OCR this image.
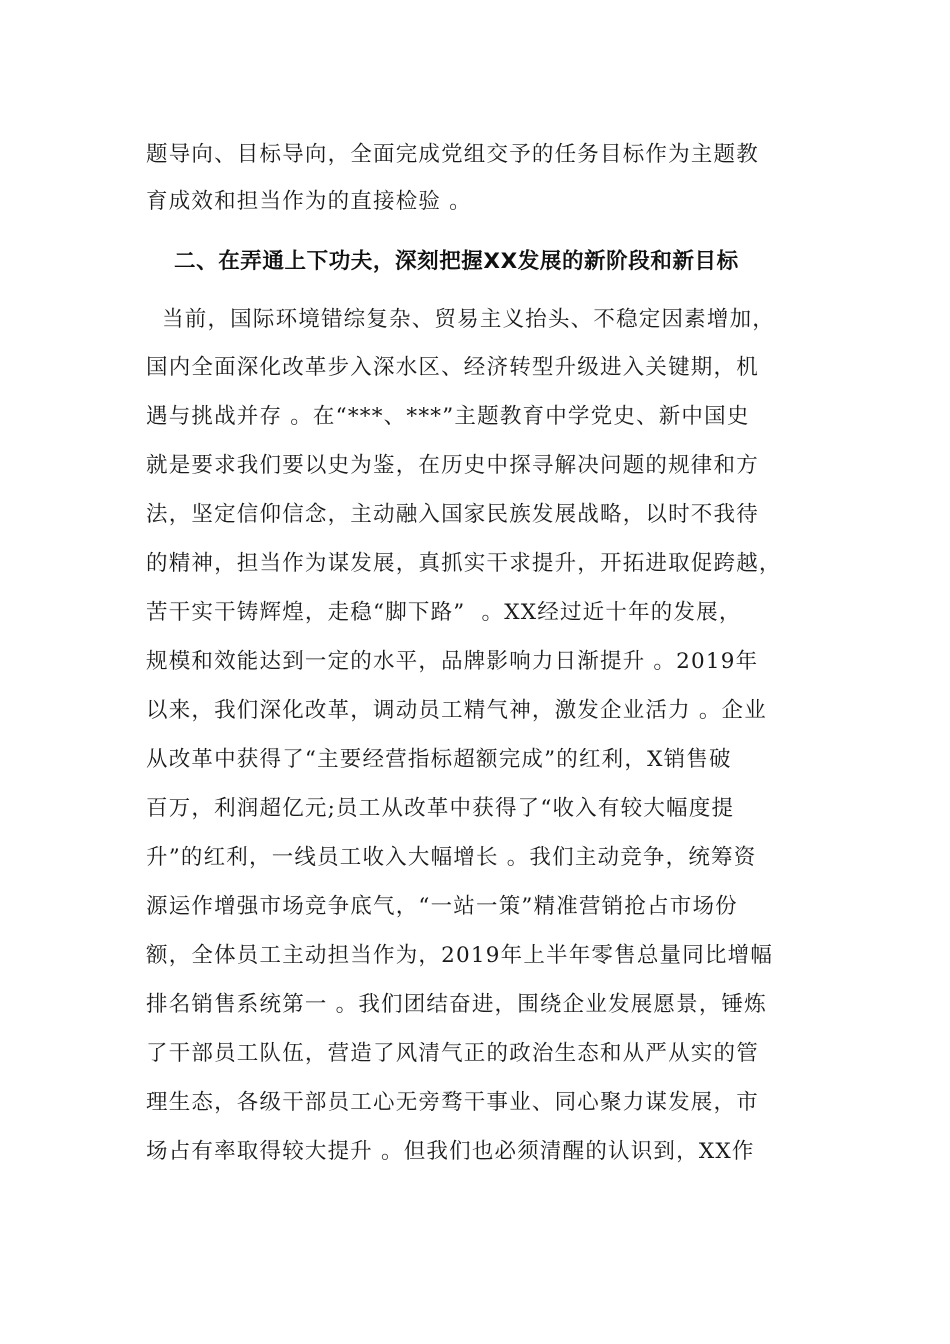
题导向、目标导向，全面完成党组交予的任务目标作为主题教
育成效和担当作为的直接检验 。
二、在弄通上下功夫，深刻把握XX发展的新阶段和新目标
当前，国际环境错综复杂、贸易主义抬头、不稳定因素增加，
国内全面深化改革步入深水区、经济转型升级进入关键期，机
遇与挑战并存 。在“***、***”主题教育中学党史、新中国史
就是要求我们要以史为鉴，在历史中探寻解决问题的规律和方
法，坚定信仰信念，主动融入国家民族发展战略，以时不我待
的精神，担当作为谋发展，真抓实干求提升，开拓进取促跨越，
苦干实干铸辉煌，走稳“脚下路”  。XX经过近十年的发展，
规模和效能达到一定的水平，品牌影响力日渐提升 。2019年
以来，我们深化改革，调动员工精气神，激发企业活力 。企业
从改革中获得了“主要经营指标超额完成”的红利，X销售破
百万，利润超亿元;员工从改革中获得了“收入有较大幅度提
升”的红利，一线员工收入大幅增长 。我们主动竞争，统筹资
源运作增强市场竞争底气，“一站一策”精准营销抢占市场份
额，全体员工主动担当作为，2019年上半年零售总量同比增幅
排名销售系统第一 。我们团结奋进，围绕企业发展愿景，锤炼
了干部员工队伍，营造了风清气正的政治生态和从严从实的管
理生态，各级干部员工心无旁骛干事业、同心聚力谋发展，市
场占有率取得较大提升 。但我们也必须清醒的认识到，XX作
